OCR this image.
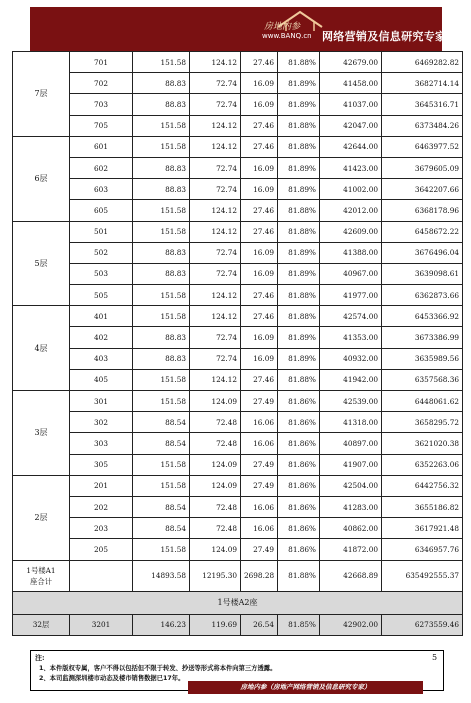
房地内参
www.BANQ.cn 网络营销及信息研究专家
7层	701	151.58	124.12	27.46	81.88%	42679.00	6469282.82
	702	88.83	72.74	16.09	81.89%	41458.00	3682714.14
	703	88.83	72.74	16.09	81.89%	41037.00	3645316.71
	705	151.58	124.12	27.46	81.88%	42047.00	6373484.26
6层	601	151.58	124.12	27.46	81.88%	42644.00	6463977.52
	602	88.83	72.74	16.09	81.89%	41423.00	3679605.09
	603	88.83	72.74	16.09	81.89%	41002.00	3642207.66
	605	151.58	124.12	27.46	81.88%	42012.00	6368178.96
5层	501	151.58	124.12	27.46	81.88%	42609.00	6458672.22
	502	88.83	72.74	16.09	81.89%	41388.00	3676496.04
	503	88.83	72.74	16.09	81.89%	40967.00	3639098.61
	505	151.58	124.12	27.46	81.88%	41977.00	6362873.66
4层	401	151.58	124.12	27.46	81.88%	42574.00	6453366.92
	402	88.83	72.74	16.09	81.89%	41353.00	3673386.99
	403	88.83	72.74	16.09	81.89%	40932.00	3635989.56
	405	151.58	124.12	27.46	81.88%	41942.00	6357568.36
3层	301	151.58	124.09	27.49	81.86%	42539.00	6448061.62
	302	88.54	72.48	16.06	81.86%	41318.00	3658295.72
	303	88.54	72.48	16.06	81.86%	40897.00	3621020.38
	305	151.58	124.09	27.49	81.86%	41907.00	6352263.06
2层	201	151.58	124.09	27.49	81.86%	42504.00	6442756.32
	202	88.54	72.48	16.06	81.86%	41283.00	3655186.82
	203	88.54	72.48	16.06	81.86%	40862.00	3617921.48
	205	151.58	124.09	27.49	81.86%	41872.00	6346957.76

1号楼A1
座合计		14893.58	12195.30	2698.28	81.88%	42668.89	635492555.37
1号楼A2座							
32层	3201	146.23	119.69	26.54	81.85%	42902.00	6273559.46
注:
1、本件版权专属，客户不得以包括但不限于转发、抄送等形式将本件向第三方透露。
2、本司监测深圳楼市动态及楼市销售数据已17年。
5
房地内参（房地产网络营销及信息研究专家）
